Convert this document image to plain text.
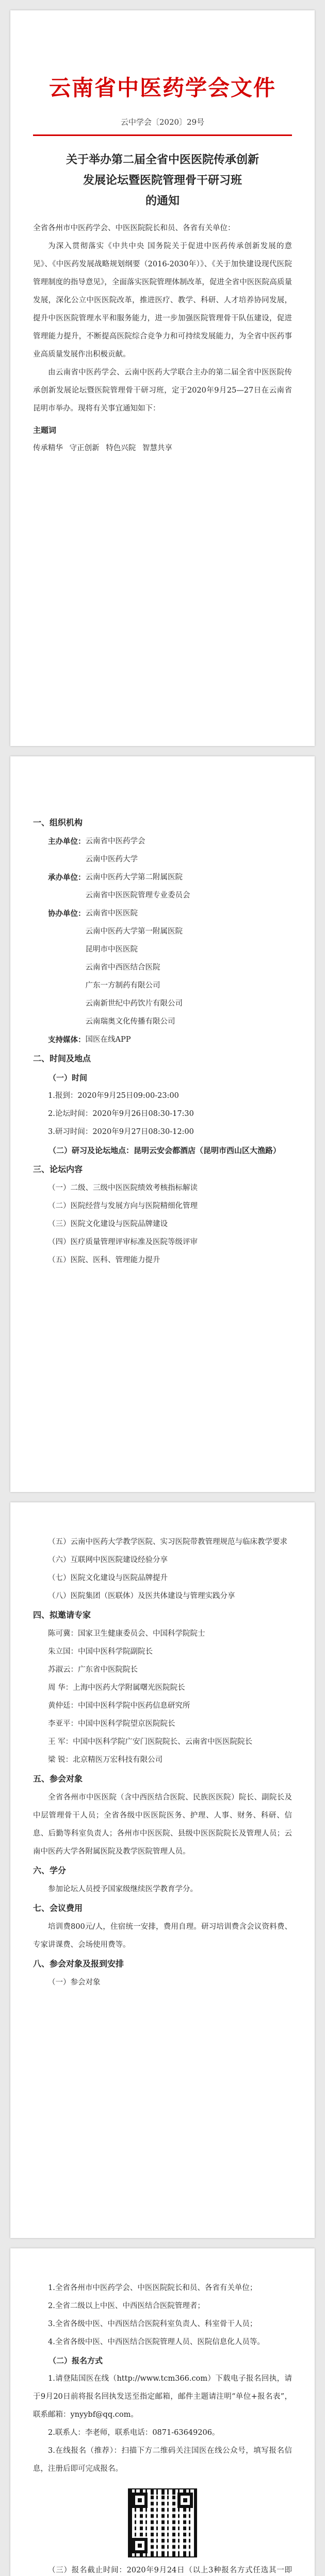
云南省中医药学会文件
云中学会〔2020〕29号
关于举办第二届全省中医医院传承创新
发展论坛暨医院管理骨干研习班
的通知

全省各州市中医药学会、中医医院院长和员、各省有关单位：

为深入贯彻落实《中共中央 国务院关于促进中医药传承创新发展的意见》、《中医药发展战略规划纲要（2016-2030年）》、《关于加快建设现代医院管理制度的指导意见》，全面落实医院管理体制改革，促进全省中医医院高质量发展，深化公立中医医院改革，推进医疗、教学、科研、人才培养协同发展，提升中医医院管理水平和服务能力，进一步加强医院管理骨干队伍建设，促进管理能力提升，不断提高医院综合竞争力和可持续发展能力，为全省中医药事业高质量发展作出积极贡献。

由云南省中医药学会、云南中医药大学联合主办的第二届全省中医医院传承创新发展论坛暨医院管理骨干研习班，定于2020年9月25—27日在云南省昆明市举办。现将有关事宜通知如下：

主题词
传承精华 守正创新 特色兴院 智慧共享

一、组织机构

主办单位： 云南省中医药学会

云南中医药大学

承办单位： 云南中医药大学第二附属医院

云南省中医医院管理专业委员会

协办单位： 云南省中医医院

云南中医药大学第一附属医院

昆明市中医医院

云南省中西医结合医院

广东一方制药有限公司

云南新世纪中药饮片有限公司

云南瑞奥文化传播有限公司

支持媒体： 国医在线APP

二、时间及地点

（一）时间

1.报到：2020年9月25日09:00-23:00

2.论坛时间：2020年9月26日08:30-17:30

3.研习时间：2020年9月27日08:30-12:00

（二）研习及论坛地点：昆明云安会都酒店（昆明市西山区大渔路）

三、论坛内容

（一）二级、三级中医医院绩效考核指标解读

（二）医院经营与发展方向与医院精细化管理

（三）医院文化建设与医院品牌建设

（四）医疗质量管理评审标准及医院等级评审

（五）医院、医科、管理能力提升

（五）云南中医药大学教学医院、实习医院带教管理规范与临床教学要求

（六）互联网中医医院建设经验分享

（七）医院文化建设与医院品牌提升

（八）医院集团（医联体）及医共体建设与管理实践分享

四、拟邀请专家

陈可冀：国家卫生健康委员会、中国科学院院士

朱立国：中国中医科学院副院长

苏淑云：广东省中医院院长

周 华：上海中医药大学附属曙光医院院长

黄仲廷：中国中医科学院中医药信息研究所

李亚平：中国中医科学院望京医院院长

王 军：中国中医科学院广安门医院院长、云南省中医医院院长

梁 锐：北京精医万宏科技有限公司

五、参会对象

全省各州市中医医院（含中西医结合医院、民族医医院）院长、副院长及中层管理骨干人员；全省各级中医医院医务、护理、人事、财务、科研、信息、后勤等科室负责人；各州市中医医院、县级中医医院院长及管理人员；云南中医药大学各附属医院及教学医院管理人员。

六、学分

参加论坛人员授予国家级继续医学教育学分。

七、会议费用

培训费800元/人，住宿统一安排，费用自理。研习培训费含会议资料费、专家讲课费、会场使用费等。

八、参会对象及报到安排

（一）参会对象

1.全省各州市中医药学会、中医医院院长和员、各省有关单位；

2.全省二级以上中医、中西医结合医院管理者；

3.全省各级中医、中西医结合医院科室负责人、科室骨干人员；

4.全省各级中医、中西医结合医院管理人员、医院信息化人员等。

（二）报名方式

1.请登陆国医在线（http://www.tcm366.com）下载电子报名回执，请于9月20日前将报名回执发送至指定邮箱，邮件主题请注明“单位+报名表”，联系邮箱：ynyybf@qq.com。

2.联系人：李老师，联系电话：0871-63649206。

3.在线报名（推荐）：扫描下方二维码关注国医在线公众号，填写报名信息，注册后即可完成报名。

（三）报名截止时间：2020年9月24日（以上3种报名方式任选其一即
